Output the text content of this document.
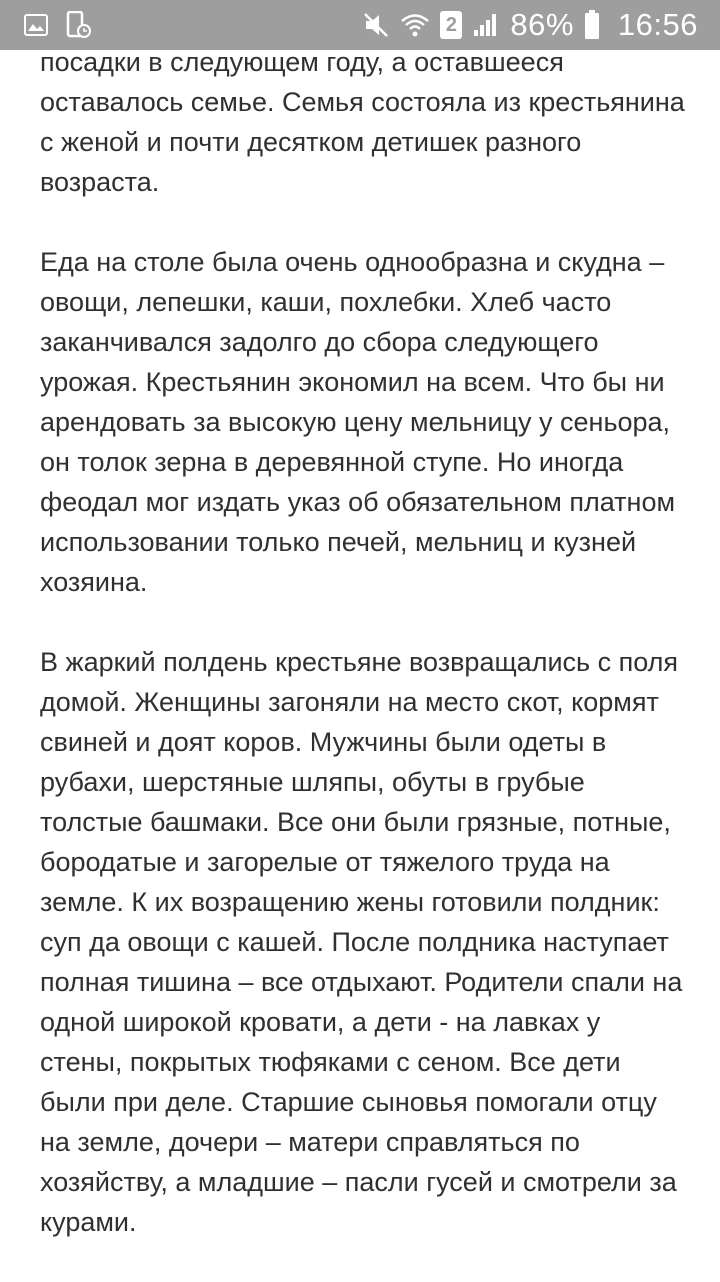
2 86% 16:56

посадки в следующем году, а оставшееся оставалось семье. Семья состояла из крестьянина с женой и почти десятком детишек разного возраста.

Еда на столе была очень однообразна и скудна – овощи, лепешки, каши, похлебки. Хлеб часто заканчивался задолго до сбора следующего урожая. Крестьянин экономил на всем. Что бы ни арендовать за высокую цену мельницу у сеньора, он толок зерна в деревянной ступе. Но иногда феодал мог издать указ об обязательном платном использовании только печей, мельниц и кузней хозяина.

В жаркий полдень крестьяне возвращались с поля домой. Женщины загоняли на место скот, кормят свиней и доят коров. Мужчины были одеты в рубахи, шерстяные шляпы, обуты в грубые толстые башмаки. Все они были грязные, потные, бородатые и загорелые от тяжелого труда на земле. К их возращению жены готовили полдник: суп да овощи с кашей. После полдника наступает полная тишина – все отдыхают. Родители спали на одной широкой кровати, а дети - на лавках у стены, покрытых тюфяками с сеном. Все дети были при деле. Старшие сыновья помогали отцу на земле, дочери – матери справляться по хозяйству, а младшие – пасли гусей и смотрели за курами.
